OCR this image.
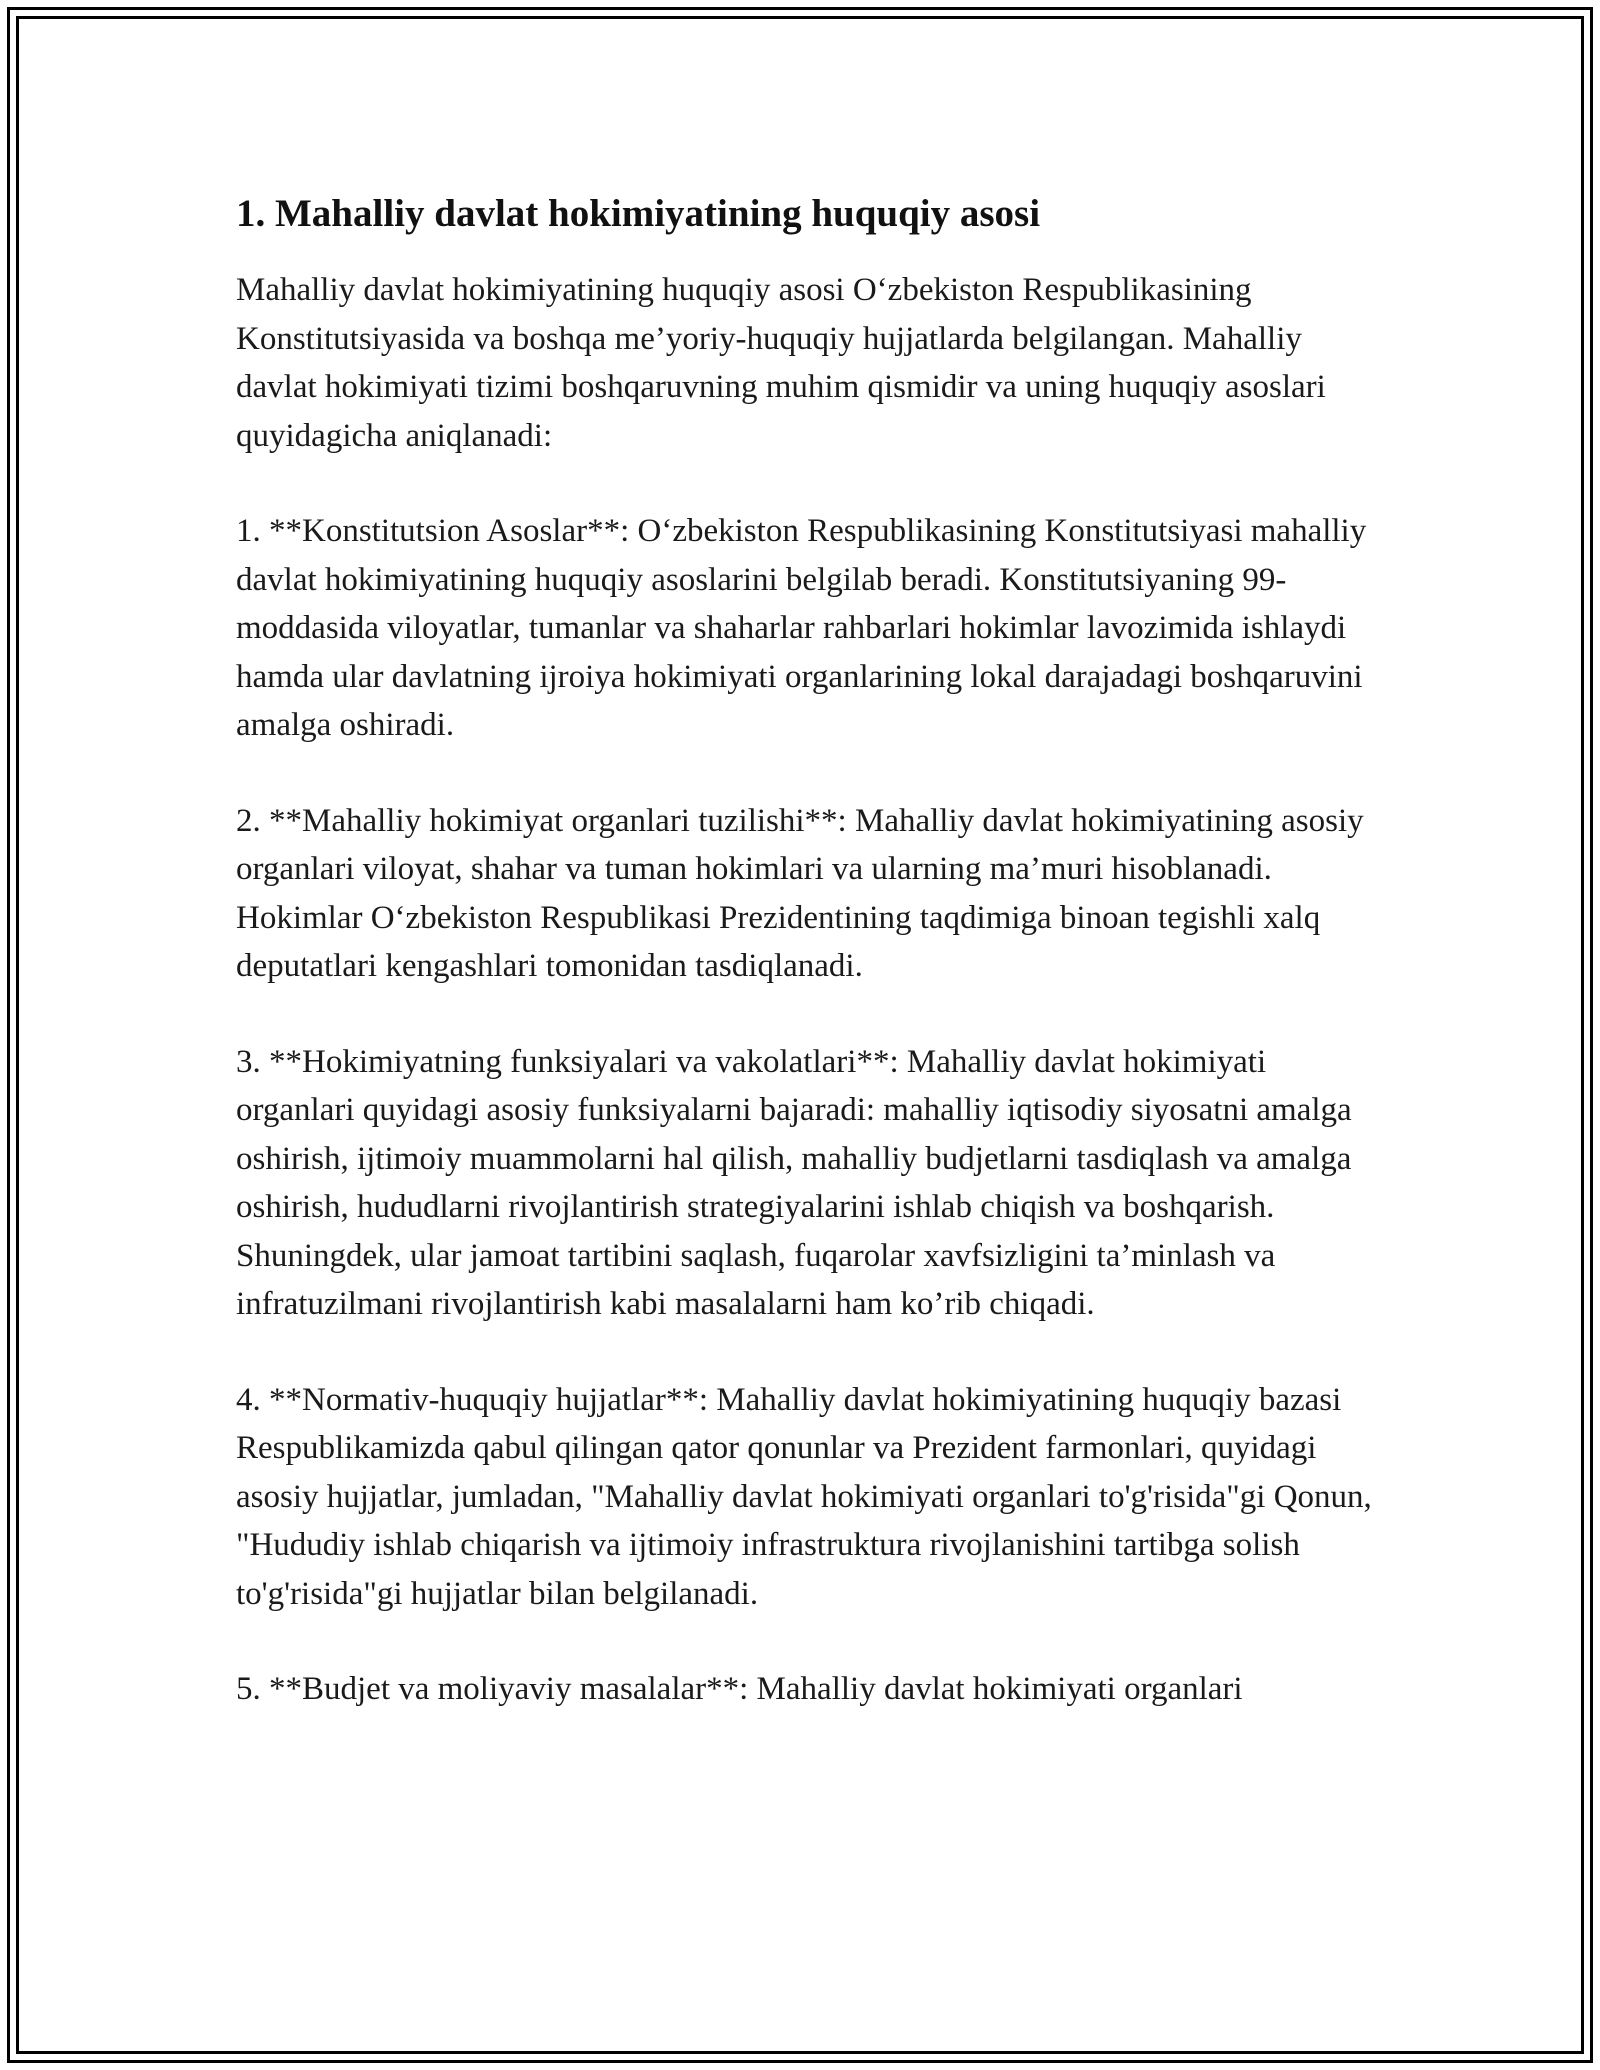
1. Mahalliy davlat hokimiyatining huquqiy asosi

Mahalliy davlat hokimiyatining huquqiy asosi O‘zbekiston Respublikasining Konstitutsiyasida va boshqa me’yoriy-huquqiy hujjatlarda belgilangan. Mahalliy davlat hokimiyati tizimi boshqaruvning muhim qismidir va uning huquqiy asoslari quyidagicha aniqlanadi:

1. **Konstitutsion Asoslar**: O‘zbekiston Respublikasining Konstitutsiyasi mahalliy davlat hokimiyatining huquqiy asoslarini belgilab beradi. Konstitutsiyaning 99-moddasida viloyatlar, tumanlar va shaharlar rahbarlari hokimlar lavozimida ishlaydi hamda ular davlatning ijroiya hokimiyati organlarining lokal darajadagi boshqaruvini amalga oshiradi.

2. **Mahalliy hokimiyat organlari tuzilishi**: Mahalliy davlat hokimiyatining asosiy organlari viloyat, shahar va tuman hokimlari va ularning ma’muri hisoblanadi. Hokimlar O‘zbekiston Respublikasi Prezidentining taqdimiga binoan tegishli xalq deputatlari kengashlari tomonidan tasdiqlanadi.

3. **Hokimiyatning funksiyalari va vakolatlari**: Mahalliy davlat hokimiyati organlari quyidagi asosiy funksiyalarni bajaradi: mahalliy iqtisodiy siyosatni amalga oshirish, ijtimoiy muammolarni hal qilish, mahalliy budjetlarni tasdiqlash va amalga oshirish, hududlarni rivojlantirish strategiyalarini ishlab chiqish va boshqarish. Shuningdek, ular jamoat tartibini saqlash, fuqarolar xavfsizligini ta’minlash va infratuzilmani rivojlantirish kabi masalalarni ham ko’rib chiqadi.

4. **Normativ-huquqiy hujjatlar**: Mahalliy davlat hokimiyatining huquqiy bazasi Respublikamizda qabul qilingan qator qonunlar va Prezident farmonlari, quyidagi asosiy hujjatlar, jumladan, "Mahalliy davlat hokimiyati organlari to'g'risida"gi Qonun, "Hududiy ishlab chiqarish va ijtimoiy infrastruktura rivojlanishini tartibga solish to'g'risida"gi hujjatlar bilan belgilanadi.

5. **Budjet va moliyaviy masalalar**: Mahalliy davlat hokimiyati organlari
